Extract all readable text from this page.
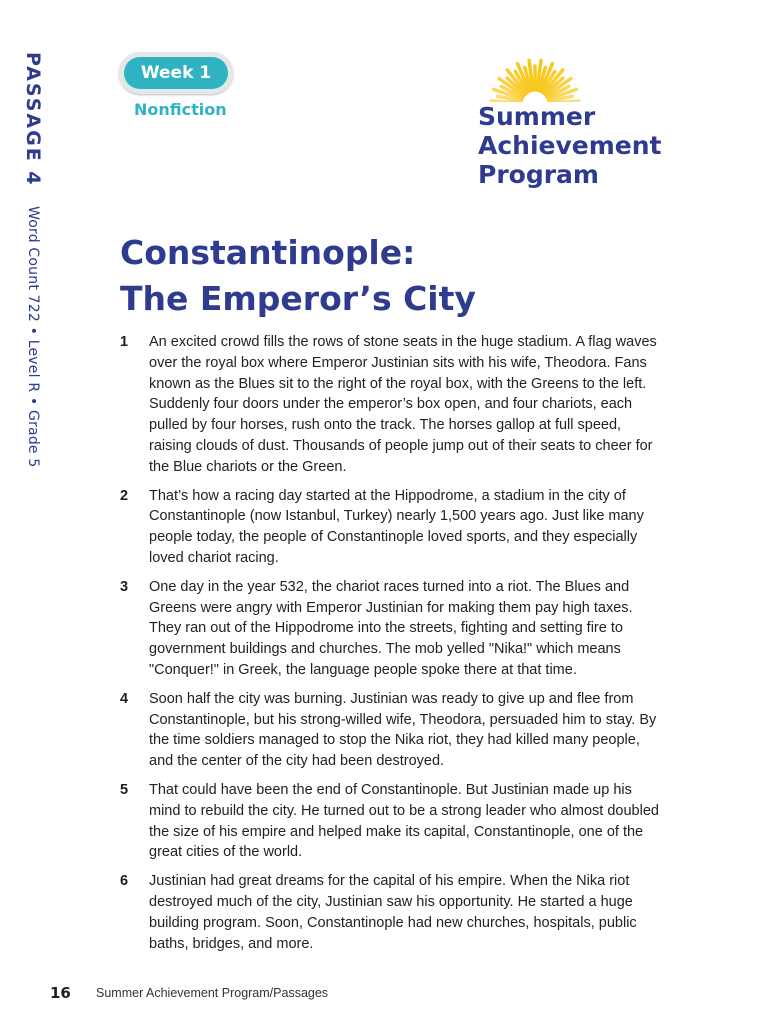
PASSAGE 4 Word Count 722 • Level R • Grade 5
Week 1
Nonfiction	Summer
Achievement
Program
Constantinople:
The Emperor’s City
1 An excited crowd fills the rows of stone seats in the huge stadium. A flag waves over the royal box where Emperor Justinian sits with his wife, Theodora. Fans known as the Blues sit to the right of the royal box, with the Greens to the left. Suddenly four doors under the emperor’s box open, and four chariots, each pulled by four horses, rush onto the track. The horses gallop at full speed, raising clouds of dust. Thousands of people jump out of their seats to cheer for the Blue chariots or the Green.
2 That’s how a racing day started at the Hippodrome, a stadium in the city of Constantinople (now Istanbul, Turkey) nearly 1,500 years ago. Just like many people today, the people of Constantinople loved sports, and they especially loved chariot racing.
3 One day in the year 532, the chariot races turned into a riot. The Blues and Greens were angry with Emperor Justinian for making them pay high taxes. They ran out of the Hippodrome into the streets, fighting and setting fire to government buildings and churches. The mob yelled "Nika!" which means "Conquer!" in Greek, the language people spoke there at that time.
4 Soon half the city was burning. Justinian was ready to give up and flee from Constantinople, but his strong-willed wife, Theodora, persuaded him to stay. By the time soldiers managed to stop the Nika riot, they had killed many people, and the center of the city had been destroyed.
5 That could have been the end of Constantinople. But Justinian made up his mind to rebuild the city. He turned out to be a strong leader who almost doubled the size of his empire and helped make its capital, Constantinople, one of the great cities of the world.
6 Justinian had great dreams for the capital of his empire. When the Nika riot destroyed much of the city, Justinian saw his opportunity. He started a huge building program. Soon, Constantinople had new churches, hospitals, public baths, bridges, and more.
16 Summer Achievement Program/Passages
